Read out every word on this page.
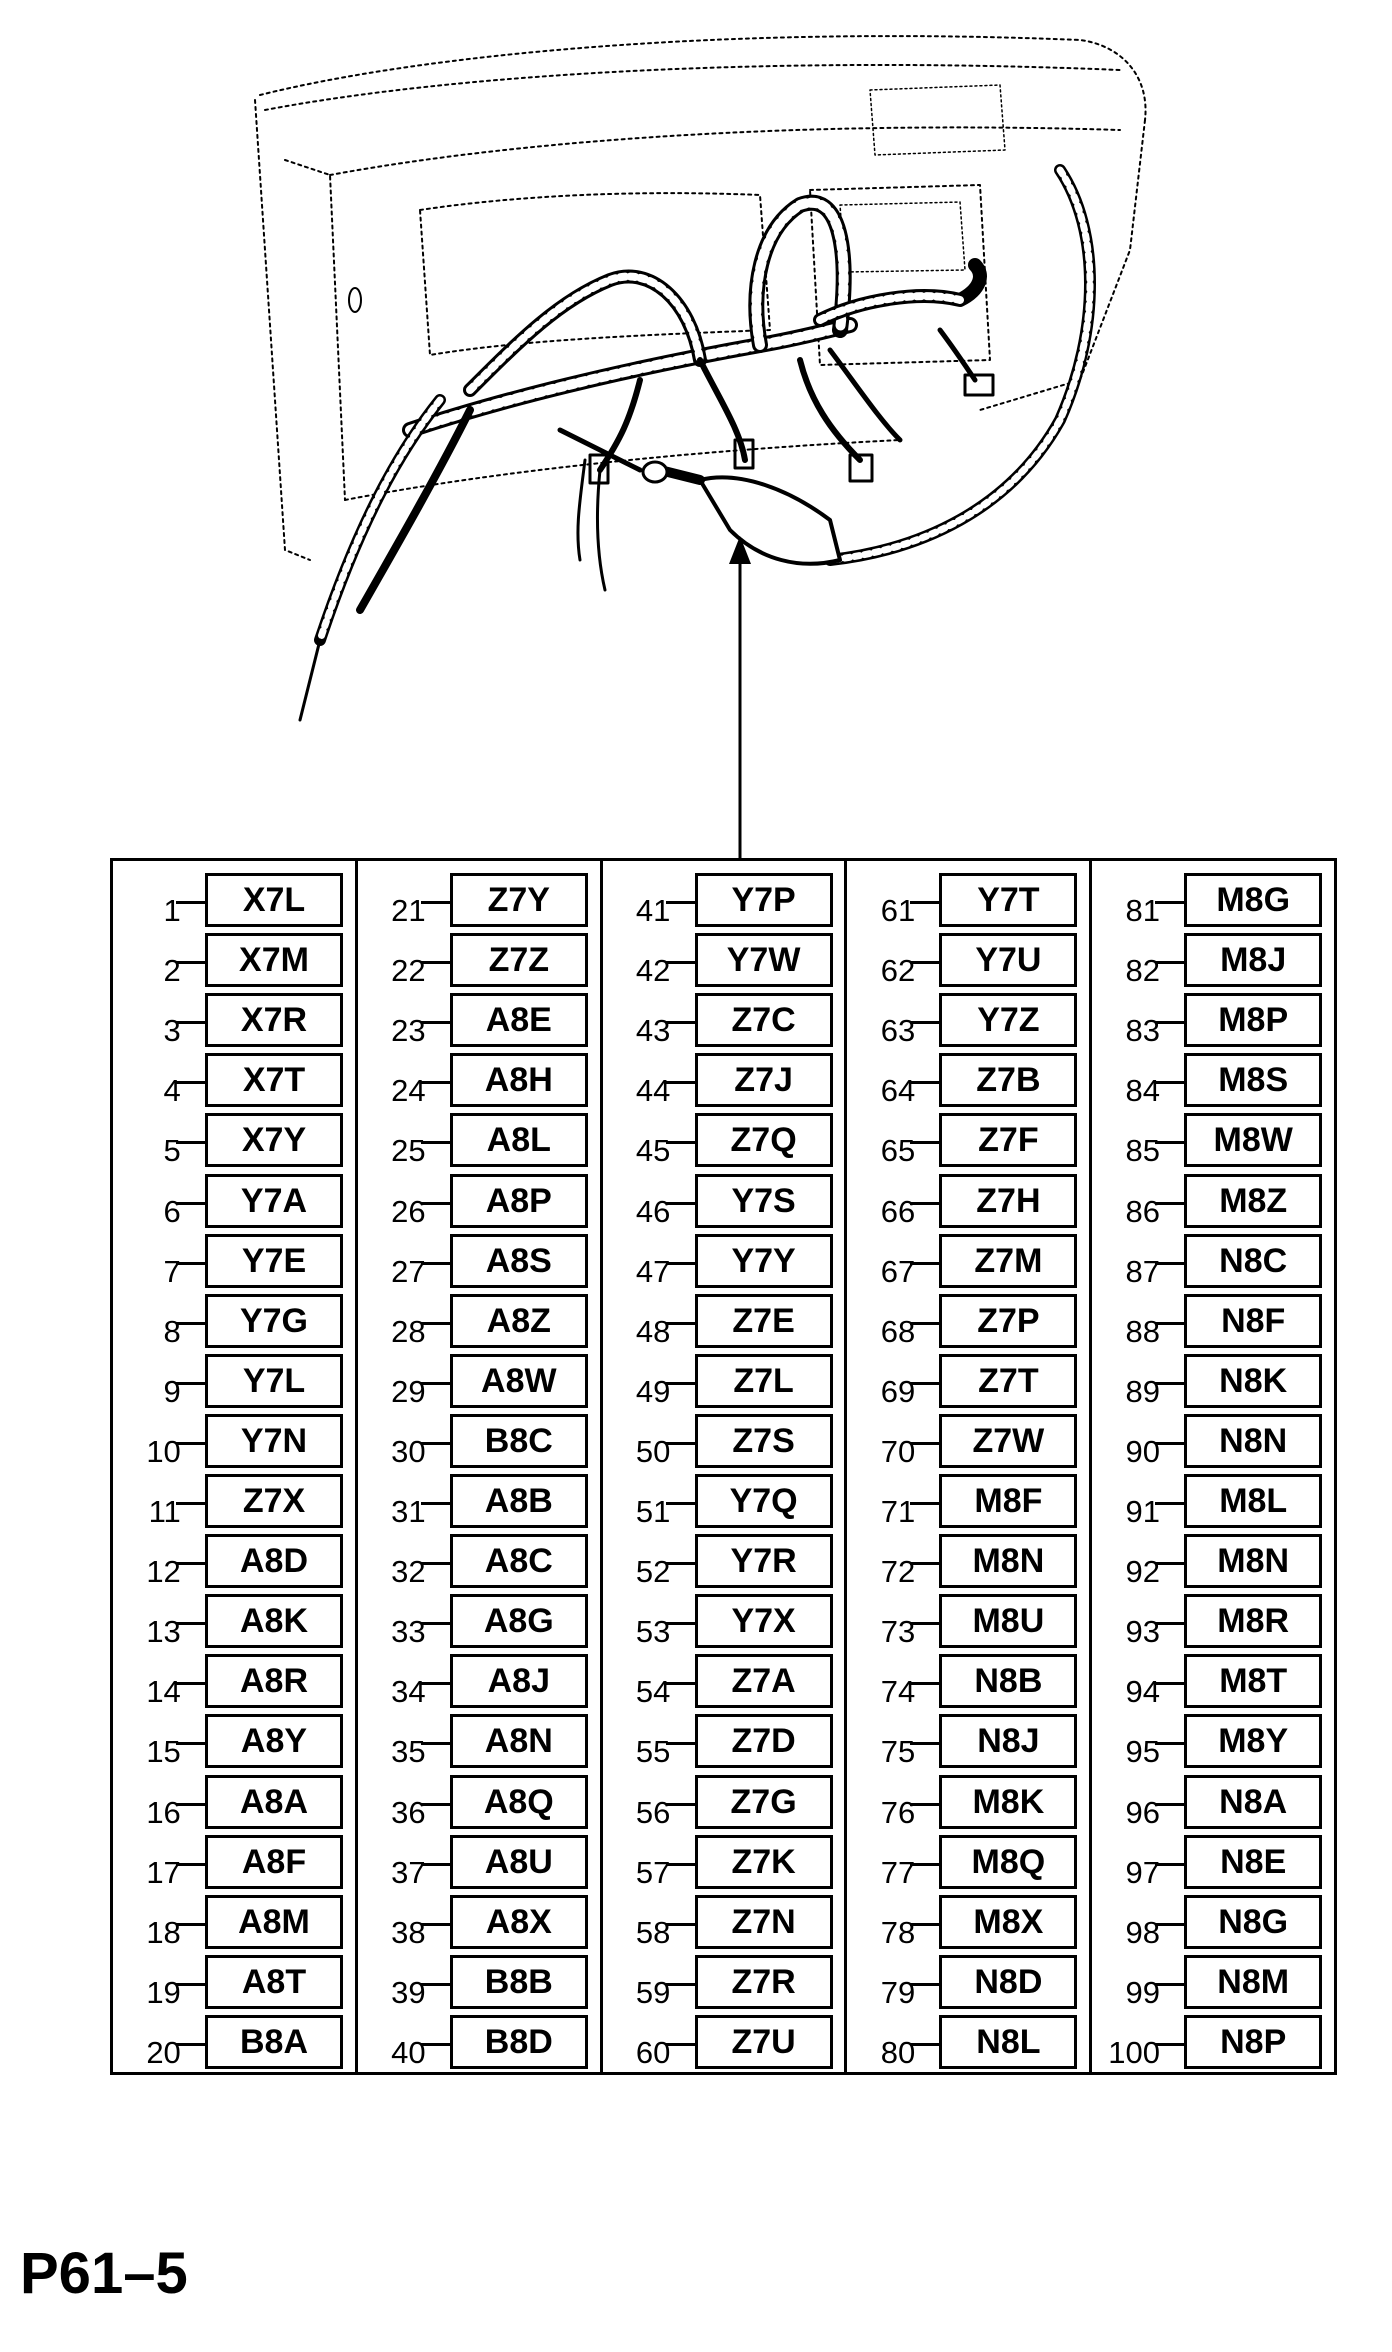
1	X7L
2	X7M
3	X7R
4	X7T
5	X7Y
6	Y7A
7	Y7E
8	Y7G
9	Y7L
10	Y7N
11	Z7X
12	A8D
13	A8K
14	A8R
15	A8Y
16	A8A
17	A8F
18	A8M
19	A8T
20	B8A
21	Z7Y
22	Z7Z
23	A8E
24	A8H
25	A8L
26	A8P
27	A8S
28	A8Z
29	A8W
30	B8C
31	A8B
32	A8C
33	A8G
34	A8J
35	A8N
36	A8Q
37	A8U
38	A8X
39	B8B
40	B8D
41	Y7P
42	Y7W
43	Z7C
44	Z7J
45	Z7Q
46	Y7S
47	Y7Y
48	Z7E
49	Z7L
50	Z7S
51	Y7Q
52	Y7R
53	Y7X
54	Z7A
55	Z7D
56	Z7G
57	Z7K
58	Z7N
59	Z7R
60	Z7U
61	Y7T
62	Y7U
63	Y7Z
64	Z7B
65	Z7F
66	Z7H
67	Z7M
68	Z7P
69	Z7T
70	Z7W
71	M8F
72	M8N
73	M8U
74	N8B
75	N8J
76	M8K
77	M8Q
78	M8X
79	N8D
80	N8L
81	M8G
82	M8J
83	M8P
84	M8S
85	M8W
86	M8Z
87	N8C
88	N8F
89	N8K
90	N8N
91	M8L
92	M8N
93	M8R
94	M8T
95	M8Y
96	N8A
97	N8E
98	N8G
99	N8M
100	N8P
P61–5
